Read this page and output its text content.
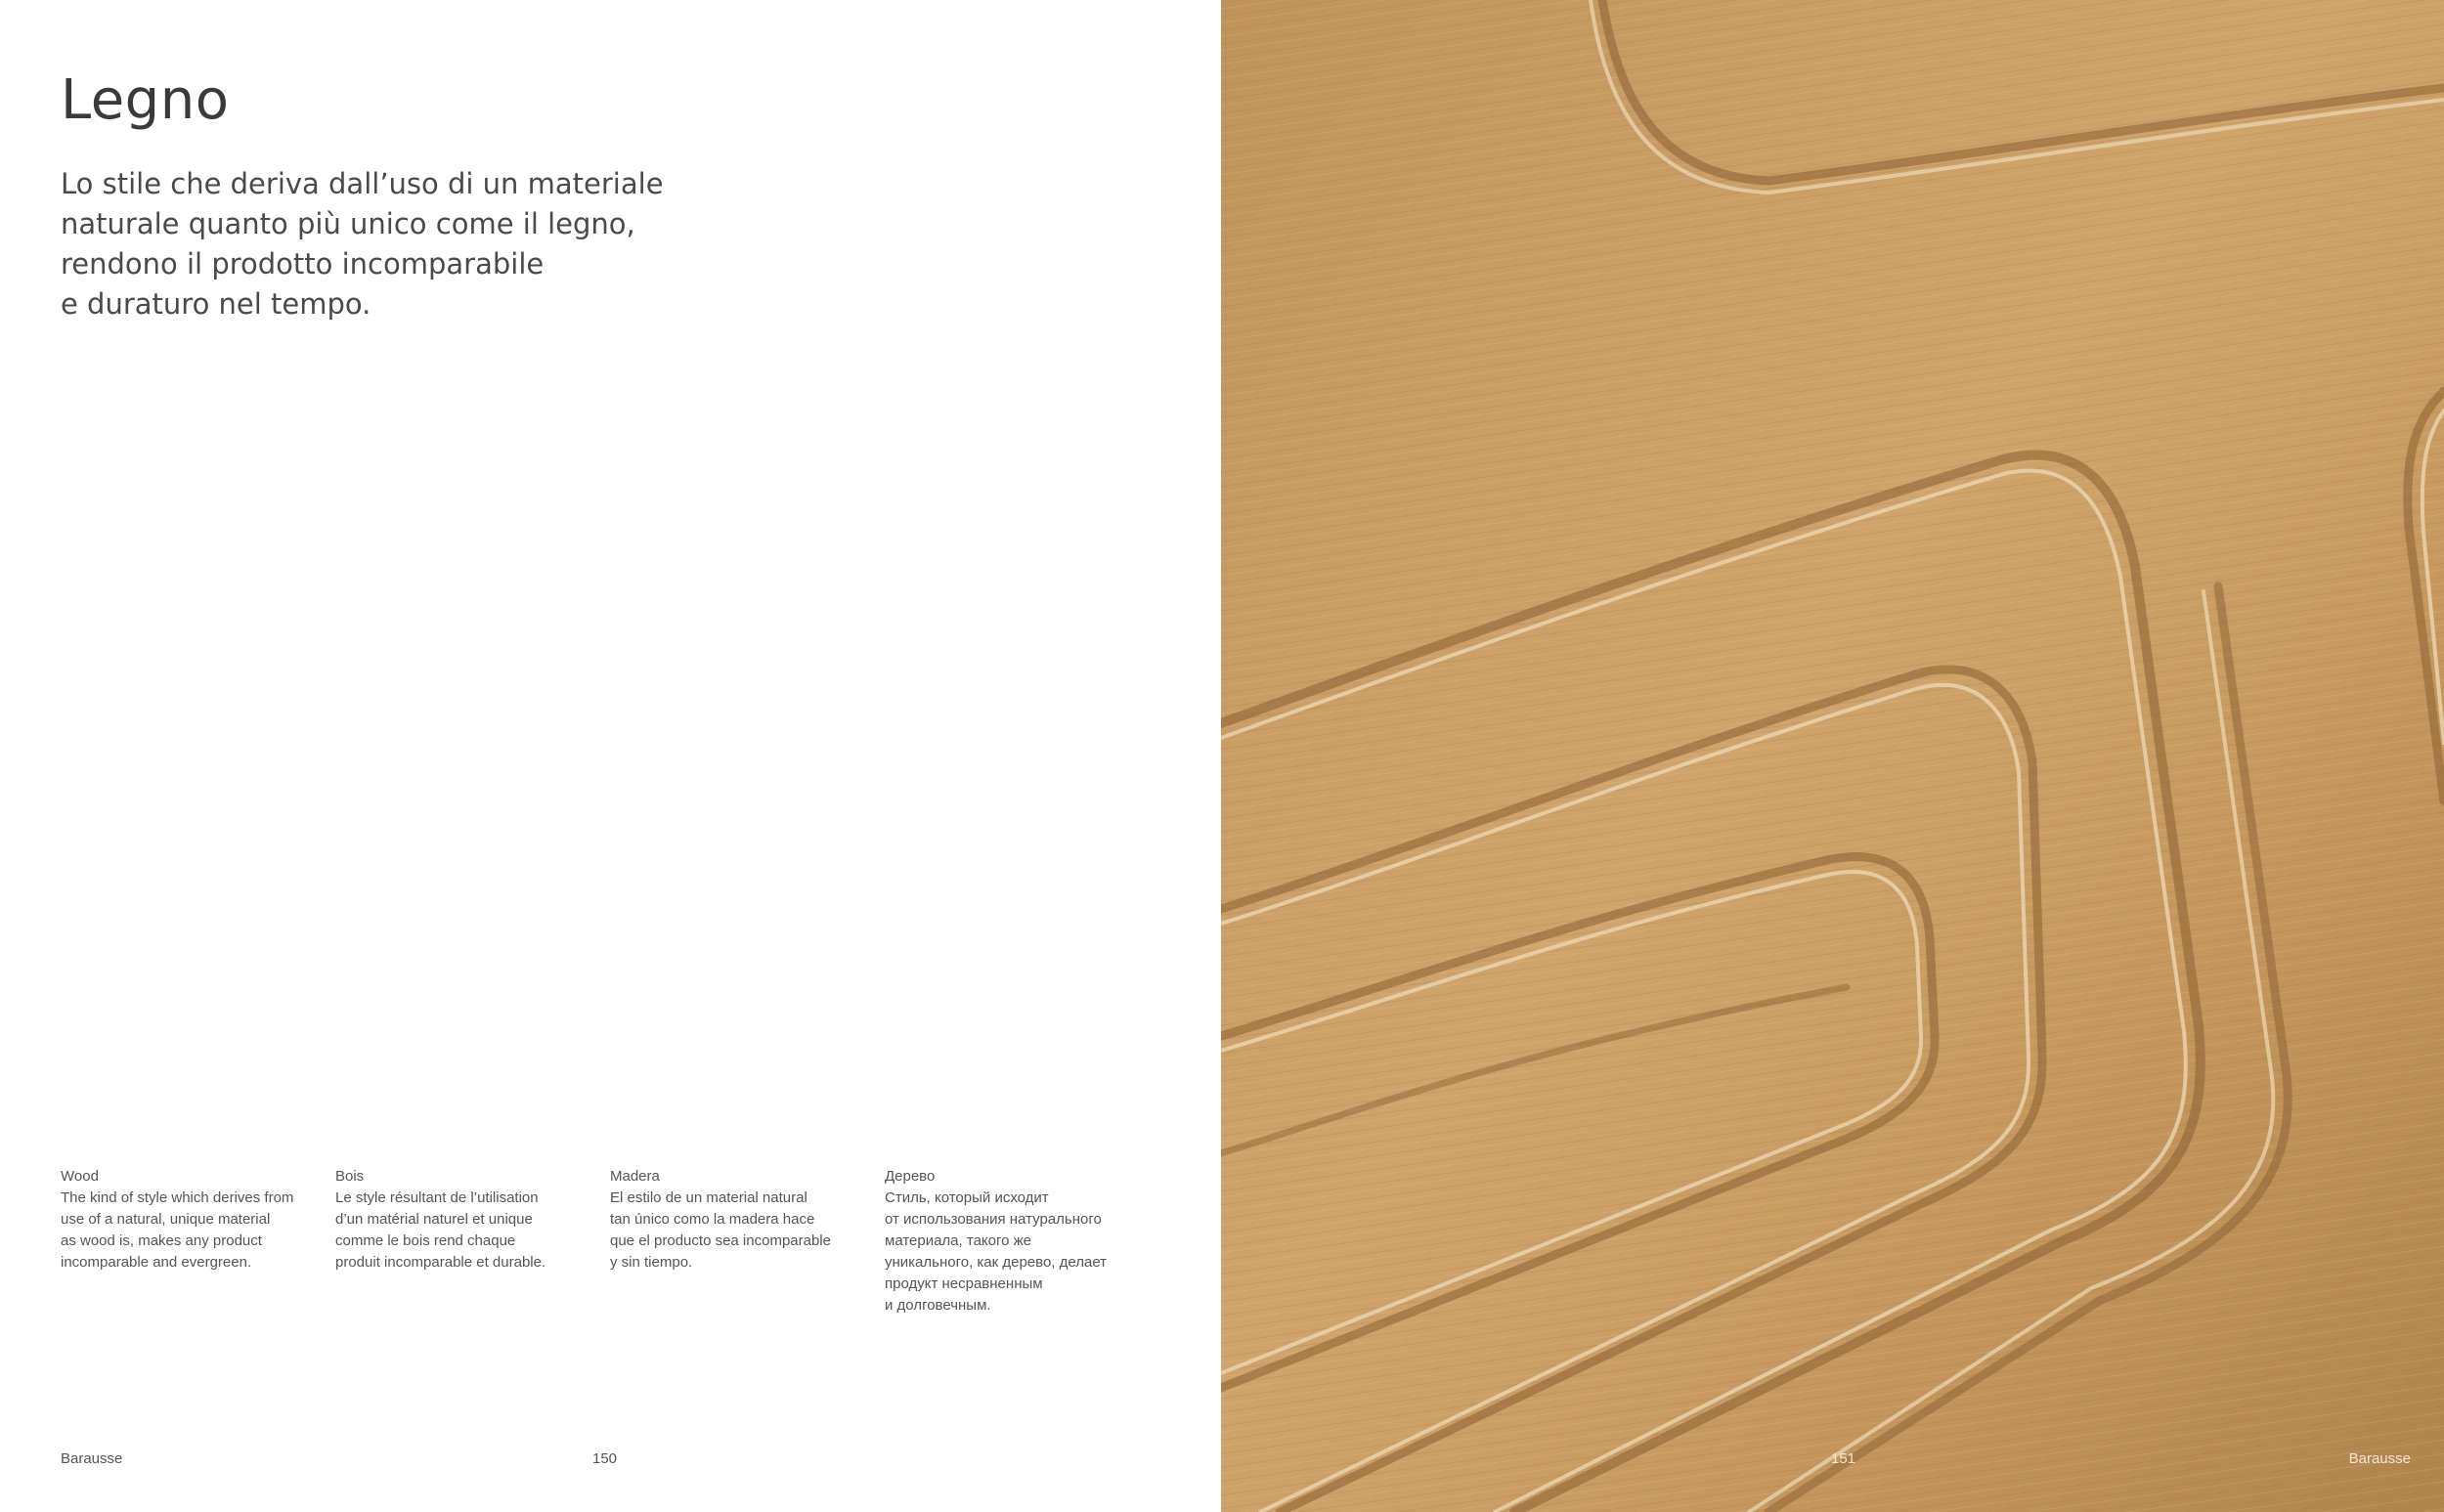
Legno

Lo stile che deriva dall’uso di un materiale
naturale quanto più unico come il legno,
rendono il prodotto incomparabile
e duraturo nel tempo.

Wood
The kind of style which derives from
use of a natural, unique material
as wood is, makes any product
incomparable and evergreen.
Bois
Le style résultant de l’utilisation
d’un matérial naturel et unique
comme le bois rend chaque
produit incomparable et durable.
Madera
El estilo de un material natural
tan único como la madera hace
que el producto sea incomparable
y sin tiempo.
Дерево
Стиль, который исходит
от использования натурального
материала, такого же
уникального, как дерево, делает
продукт несравненным
и долговечным.
Barausse	150	151	Barausse
